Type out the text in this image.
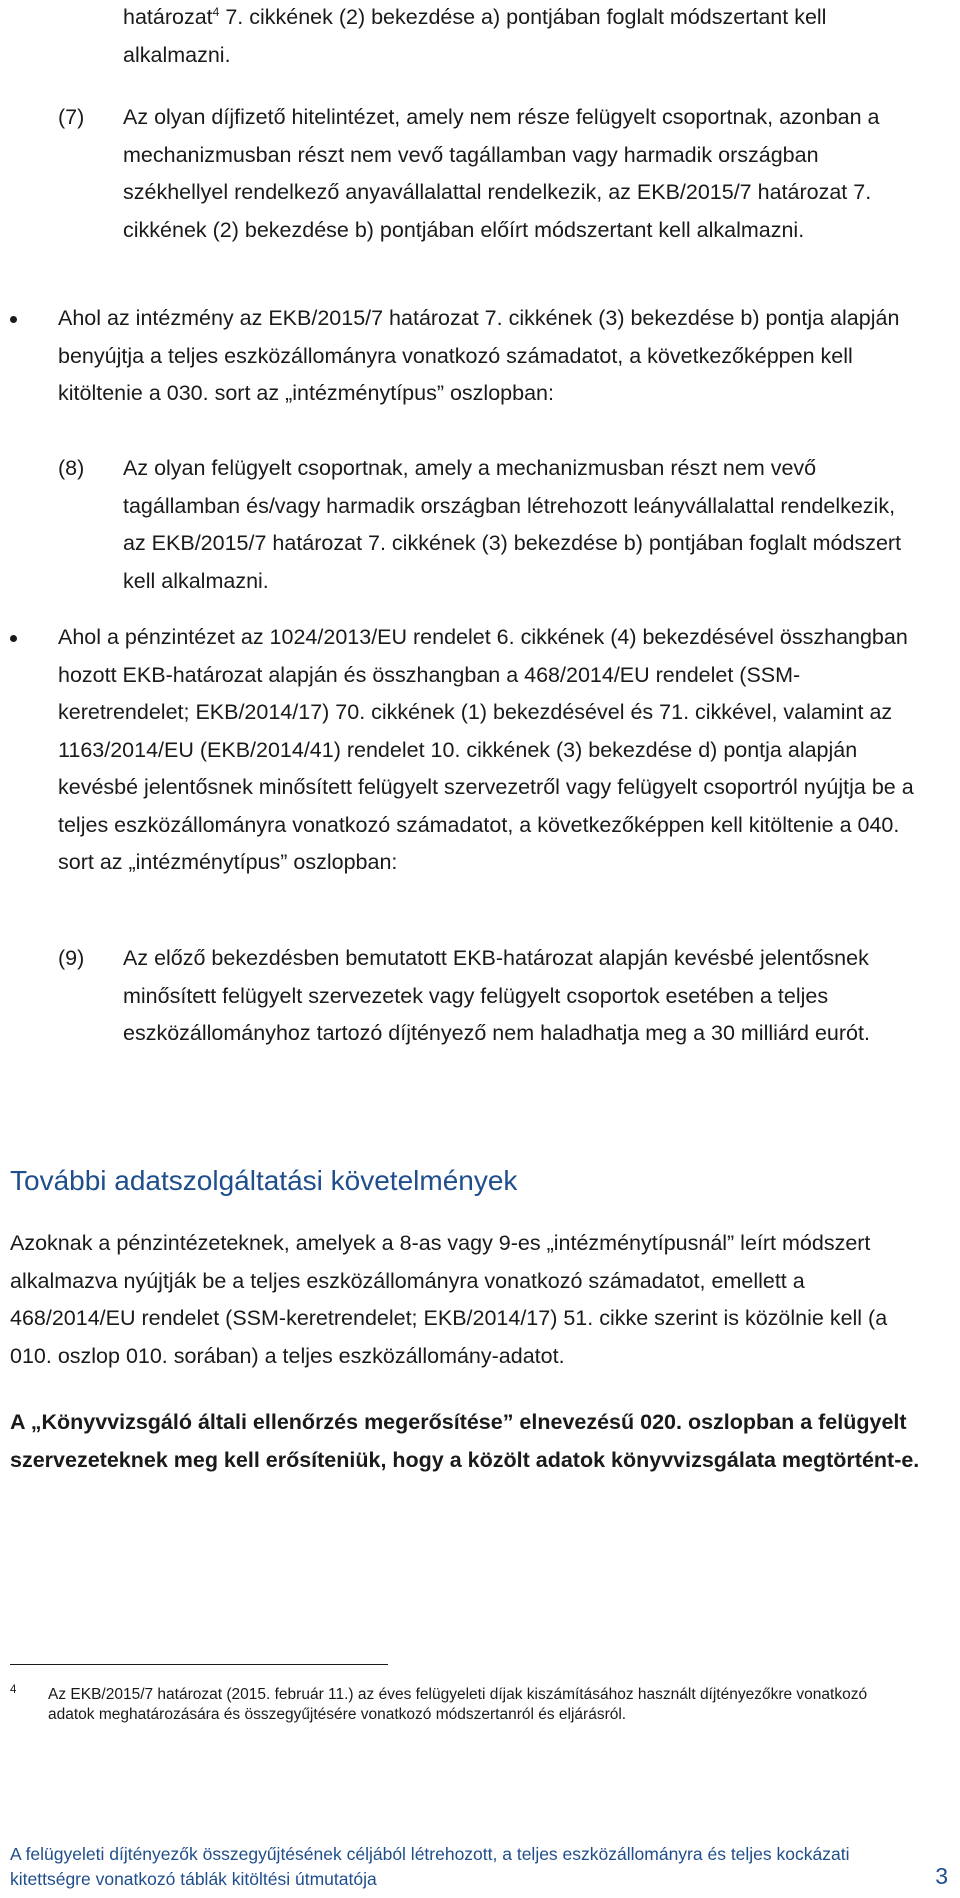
határozat$^4$ 7. cikkének (2) bekezdése a) pontjában foglalt módszertant kell alkalmazni.
(7)	Az olyan díjfizető hitelintézet, amely nem része felügyelt csoportnak, azonban a mechanizmusban részt nem vevő tagállamban vagy harmadik országban székhellyel rendelkező anyavállalattal rendelkezik, az EKB/2015/7 határozat 7. cikkének (2) bekezdése b) pontjában előírt módszertant kell alkalmazni.
Ahol az intézmény az EKB/2015/7 határozat 7. cikkének (3) bekezdése b) pontja alapján benyújtja a teljes eszközállományra vonatkozó számadatot, a következőképpen kell kitöltenie a 030. sort az „intézménytípus” oszlopban:
(8)	Az olyan felügyelt csoportnak, amely a mechanizmusban részt nem vevő tagállamban és/vagy harmadik országban létrehozott leányvállalattal rendelkezik, az EKB/2015/7 határozat 7. cikkének (3) bekezdése b) pontjában foglalt módszert kell alkalmazni.
Ahol a pénzintézet az 1024/2013/EU rendelet 6. cikkének (4) bekezdésével összhangban hozott EKB-határozat alapján és összhangban a 468/2014/EU rendelet (SSM-keretrendelet; EKB/2014/17) 70. cikkének (1) bekezdésével és 71. cikkével, valamint az 1163/2014/EU (EKB/2014/41) rendelet 10. cikkének (3) bekezdése d) pontja alapján kevésbé jelentősnek minősített felügyelt szervezetről vagy felügyelt csoportról nyújtja be a teljes eszközállományra vonatkozó számadatot, a következőképpen kell kitöltenie a 040. sort az „intézménytípus” oszlopban:
(9)	Az előző bekezdésben bemutatott EKB-határozat alapján kevésbé jelentősnek minősített felügyelt szervezetek vagy felügyelt csoportok esetében a teljes eszközállományhoz tartozó díjtényező nem haladhatja meg a 30 milliárd eurót.
További adatszolgáltatási követelmények
Azoknak a pénzintézeteknek, amelyek a 8-as vagy 9-es „intézménytípusnál” leírt módszert alkalmazva nyújtják be a teljes eszközállományra vonatkozó számadatot, emellett a 468/2014/EU rendelet (SSM-keretrendelet; EKB/2014/17) 51. cikke szerint is közölnie kell (a 010. oszlop 010. sorában) a teljes eszközállomány-adatot.
A „Könyvvizsgáló általi ellenőrzés megerősítése” elnevezésű 020. oszlopban a felügyelt szervezeteknek meg kell erősíteniük, hogy a közölt adatok könyvvizsgálata megtörtént-e.
4 Az EKB/2015/7 határozat (2015. február 11.) az éves felügyeleti díjak kiszámításához használt díjtényezőkre vonatkozó adatok meghatározására és összegyűjtésére vonatkozó módszertanról és eljárásról.
A felügyeleti díjtényezők összegyűjtésének céljából létrehozott, a teljes eszközállományra és teljes kockázati kitettségre vonatkozó táblák kitöltési útmutatója	3
